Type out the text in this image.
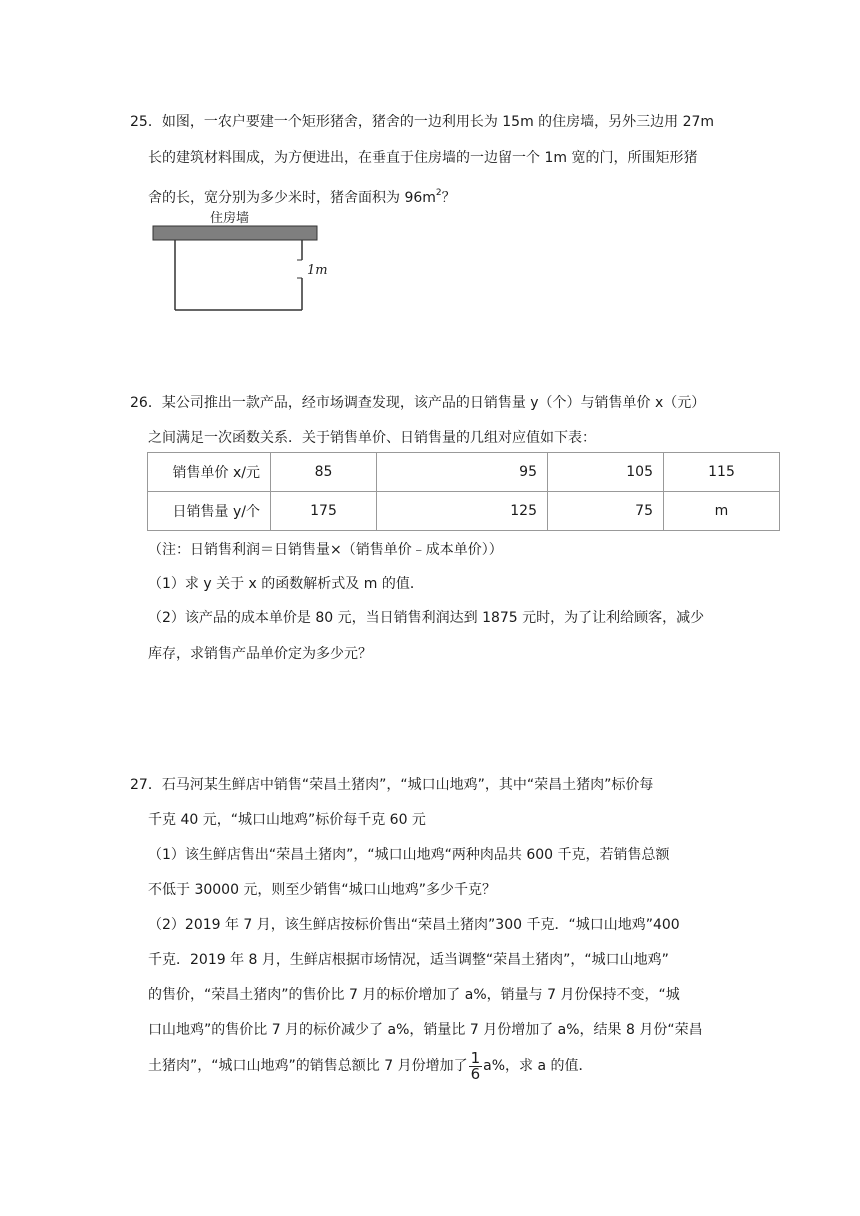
25．如图，一农户要建一个矩形猪舍，猪舍的一边利用长为 15m 的住房墙，另外三边用 27m
长的建筑材料围成，为方便进出，在垂直于住房墙的一边留一个 1m 宽的门，所围矩形猪
舍的长，宽分别为多少米时，猪舍面积为 $96m^2$？
住房墙
1m
26．某公司推出一款产品，经市场调查发现，该产品的日销售量 y（个）与销售单价 x（元）
之间满足一次函数关系．关于销售单价、日销售量的几组对应值如下表：
销售单价 x/元	85	95	105	115
日销售量 y/个	175	125	75	m
（注：日销售利润＝日销售量×（销售单价﹣成本单价））
（1）求 y 关于 x 的函数解析式及 m 的值．
（2）该产品的成本单价是 80 元，当日销售利润达到 1875 元时，为了让利给顾客，减少
库存，求销售产品单价定为多少元？
27．石马河某生鲜店中销售“荣昌土猪肉”，“城口山地鸡”，其中“荣昌土猪肉”标价每
千克 40 元，“城口山地鸡”标价每千克 60 元
（1）该生鲜店售出“荣昌土猪肉”，“城口山地鸡“两种肉品共 600 千克，若销售总额
不低于 30000 元，则至少销售“城口山地鸡”多少千克？
（2）2019 年 7 月，该生鲜店按标价售出“荣昌土猪肉”300 千克．“城口山地鸡”400
千克．2019 年 8 月，生鲜店根据市场情况，适当调整“荣昌土猪肉”，“城口山地鸡”
的售价，“荣昌土猪肉”的售价比 7 月的标价增加了 a%，销量与 7 月份保持不变，“城
口山地鸡”的售价比 7 月的标价减少了 a%，销量比 7 月份增加了 a%，结果 8 月份“荣昌
土猪肉”，“城口山地鸡”的销售总额比 7 月份增加了 $\frac{1}{6} a\%$，求 a 的值．
